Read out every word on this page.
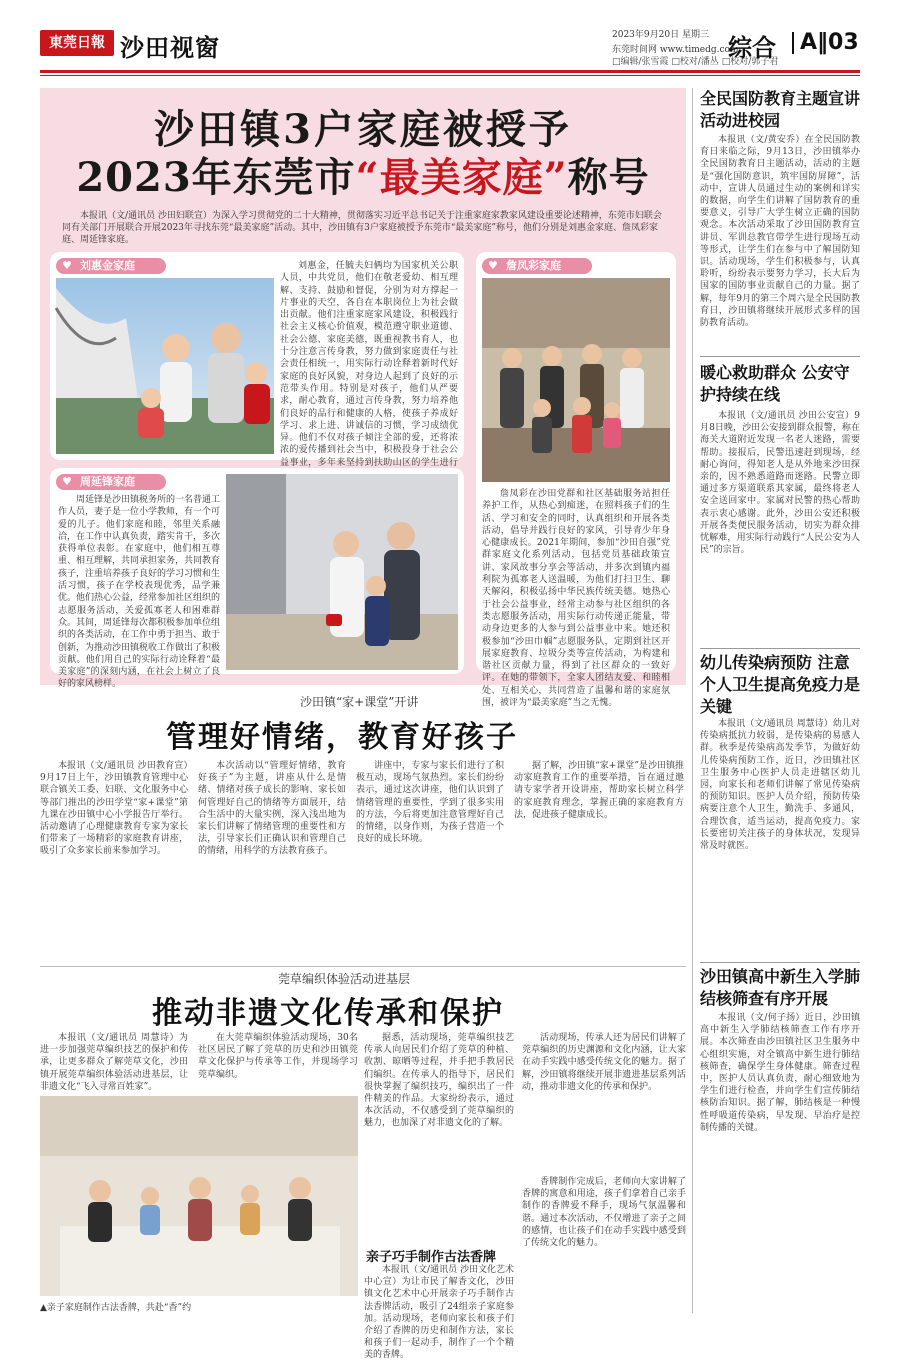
東莞日報 沙田视窗	2023年9月20日 星期三
东莞时间网 www.timedg.com
□编辑/张雪霞 □校对/潘丛 □校对/郭子君
综合 A‖03
沙田镇3户家庭被授予
2023年东莞市“最美家庭”称号
本报讯（文/通讯员 沙田妇联宣）为深入学习贯彻党的二十大精神，贯彻落实习近平总书记关于注重家庭家教家风建设重要论述精神，东莞市妇联会同有关部门开展联合开展2023年寻找东莞“最美家庭”活动。其中，沙田镇有3户家庭被授予东莞市“最美家庭”称号，他们分别是刘惠金家庭、詹凤彩家庭、周延锋家庭。
♥ 刘惠金家庭	刘惠金，任毓夫妇俩均为国家机关公职人员，中共党员，他们在敬老爱幼、相互理解、支持、鼓励和督促，分别为对方撑起一片事业的天空，各自在本职岗位上为社会做出贡献。他们注重家庭家风建设，积极践行社会主义核心价值观，模范遵守职业道德、社会公德、家庭美德，既重视教书育人，也十分注意言传身教，努力做到家庭责任与社会责任相统一，用实际行动诠释着新时代好家庭的良好风貌，对身边人起到了良好的示范带头作用。特别是对孩子，他们从严要求，耐心教育，通过言传身教，努力培养他们良好的品行和健康的人格，使孩子养成好学习、求上进、讲诚信的习惯，学习成绩优异。他们不仅对孩子倾注全部的爱，还将浓浓的爱传播到社会当中，积极投身于社会公益事业，多年来坚持到扶助山区的学生进行
♥ 詹凤彩家庭
詹凤彩在沙田党群和社区基础服务站担任养护工作，从热心到痴迷，在照料孩子们的生活、学习和安全的同时，认真组织和开展各类活动，倡导并践行良好的家风，引导青少年身心健康成长。2021年期间，参加“沙田自强”党群家庭文化系列活动，包括党员基础政策宣讲、家风故事分享会等活动，并多次到镇内福利院为孤寡老人送温暖，为他们打扫卫生、聊天解闷，积极弘扬中华民族传统美德。她热心于社会公益事业，经常主动参与社区组织的各类志愿服务活动，用实际行动传递正能量，带动身边更多的人参与到公益事业中来。她还积极参加“沙田巾帼”志愿服务队，定期到社区开展家庭教育、垃圾分类等宣传活动，为构建和谐社区贡献力量，得到了社区群众的一致好评。在她的带领下，全家人团结友爱、和睦相处、互相关心，共同营造了温馨和谐的家庭氛围，被评为“最美家庭”当之无愧。
♥ 周延锋家庭
周延锋是沙田镇税务所的一名普通工作人员，妻子是一位小学教师，有一个可爱的儿子。他们家庭和睦，邻里关系融洽，在工作中认真负责，踏实肯干，多次获得单位表彰。在家庭中，他们相互尊重、相互理解，共同承担家务，共同教育孩子，注重培养孩子良好的学习习惯和生活习惯，孩子在学校表现优秀，品学兼优。他们热心公益，经常参加社区组织的志愿服务活动，关爱孤寡老人和困难群众。其间，周延锋每次都积极参加单位组织的各类活动，在工作中勇于担当、敢于创新，为推动沙田镇税收工作做出了积极贡献。他们用自己的实际行动诠释着“最美家庭”的深刻内涵，在社会上树立了良好的家风榜样。
沙田镇“家+课堂”开讲
管理好情绪，教育好孩子
本报讯（文/通讯员 沙田教育宣）9月17日上午，沙田镇教育管理中心联合镇关工委、妇联、文化服务中心等部门推出的沙田学堂“家+课堂”第九课在沙田镇中心小学报告厅举行。活动邀请了心理健康教育专家为家长们带来了一场精彩的家庭教育讲座，吸引了众多家长前来参加学习。
本次活动以“管理好情绪，教育好孩子”为主题，讲座从什么是情绪、情绪对孩子成长的影响、家长如何管理好自己的情绪等方面展开，结合生活中的大量实例，深入浅出地为家长们讲解了情绪管理的重要性和方法，引导家长们正确认识和管理自己的情绪，用科学的方法教育孩子。
讲座中，专家与家长们进行了积极互动，现场气氛热烈。家长们纷纷表示，通过这次讲座，他们认识到了情绪管理的重要性，学到了很多实用的方法，今后将更加注意管理好自己的情绪，以身作则，为孩子营造一个良好的成长环境。
据了解，沙田镇“家+课堂”是沙田镇推动家庭教育工作的重要举措，旨在通过邀请专家学者开设讲座，帮助家长树立科学的家庭教育理念，掌握正确的家庭教育方法，促进孩子健康成长。
莞草编织体验活动进基层
推动非遗文化传承和保护
本报讯（文/通讯员 周慧诗）为进一步加强莞草编织技艺的保护和传承，让更多群众了解莞草文化，沙田镇开展莞草编织体验活动进基层，让非遗文化“飞入寻常百姓家”。
在大莞草编织体验活动现场，30名社区居民了解了莞草的历史和沙田镇莞草文化保护与传承等工作，并现场学习莞草编织。
▲亲子家庭制作古法香牌，共赴“香”约
据悉，活动现场，莞草编织技艺传承人向居民们介绍了莞草的种植、收割、晾晒等过程，并手把手教居民们编织。在传承人的指导下，居民们很快掌握了编织技巧，编织出了一件件精美的作品。大家纷纷表示，通过本次活动，不仅感受到了莞草编织的魅力，也加深了对非遗文化的了解。
亲子巧手制作古法香牌
本报讯（文/通讯员 沙田文化艺术中心宣）为让市民了解香文化，沙田镇文化艺术中心开展亲子巧手制作古法香牌活动，吸引了24组亲子家庭参加。活动现场，老师向家长和孩子们介绍了香牌的历史和制作方法，家长和孩子们一起动手，制作了一个个精美的香牌。
活动现场，传承人还为居民们讲解了莞草编织的历史渊源和文化内涵，让大家在动手实践中感受传统文化的魅力。据了解，沙田镇将继续开展非遗进基层系列活动，推动非遗文化的传承和保护。
香牌制作完成后，老师向大家讲解了香牌的寓意和用途，孩子们拿着自己亲手制作的香牌爱不释手，现场气氛温馨和谐。通过本次活动，不仅增进了亲子之间的感情，也让孩子们在动手实践中感受到了传统文化的魅力。
全民国防教育主题宣讲活动进校园
本报讯（文/黄安乔）在全民国防教育日来临之际，9月13日，沙田镇举办全民国防教育日主题活动，活动的主题是“强化国防意识，筑牢国防屏障”，活动中，宣讲人员通过生动的案例和详实的数据，向学生们讲解了国防教育的重要意义，引导广大学生树立正确的国防观念。本次活动采取了沙田国防教育宣讲员、军训总教官带学生进行现场互动等形式，让学生们在参与中了解国防知识。活动现场，学生们积极参与，认真聆听，纷纷表示要努力学习，长大后为国家的国防事业贡献自己的力量。据了解，每年9月的第三个周六是全民国防教育日，沙田镇将继续开展形式多样的国防教育活动。
暖心救助群众 公安守护持续在线
本报讯（文/通讯员 沙田公安宣）9月8日晚，沙田公安接到群众报警，称在海关大道附近发现一名老人迷路，需要帮助。接报后，民警迅速赶到现场，经耐心询问，得知老人是从外地来沙田探亲的，因不熟悉道路而迷路。民警立即通过多方渠道联系其家属，最终将老人安全送回家中。家属对民警的热心帮助表示衷心感谢。此外，沙田公安还积极开展各类便民服务活动，切实为群众排忧解难，用实际行动践行“人民公安为人民”的宗旨。
幼儿传染病预防 注意个人卫生提高免疫力是关键
本报讯（文/通讯员 周慧诗）幼儿对传染病抵抗力较弱，是传染病的易感人群。秋季是传染病高发季节，为做好幼儿传染病预防工作，近日，沙田镇社区卫生服务中心医护人员走进辖区幼儿园，向家长和老师们讲解了常见传染病的预防知识。医护人员介绍，预防传染病要注意个人卫生，勤洗手、多通风，合理饮食，适当运动，提高免疫力。家长要密切关注孩子的身体状况，发现异常及时就医。
沙田镇高中新生入学肺结核筛查有序开展
本报讯（文/何子扬）近日，沙田镇高中新生入学肺结核筛查工作有序开展。本次筛查由沙田镇社区卫生服务中心组织实施，对全镇高中新生进行肺结核筛查，确保学生身体健康。筛查过程中，医护人员认真负责，耐心细致地为学生们进行检查，并向学生们宣传肺结核防治知识。据了解，肺结核是一种慢性呼吸道传染病，早发现、早治疗是控制传播的关键。
